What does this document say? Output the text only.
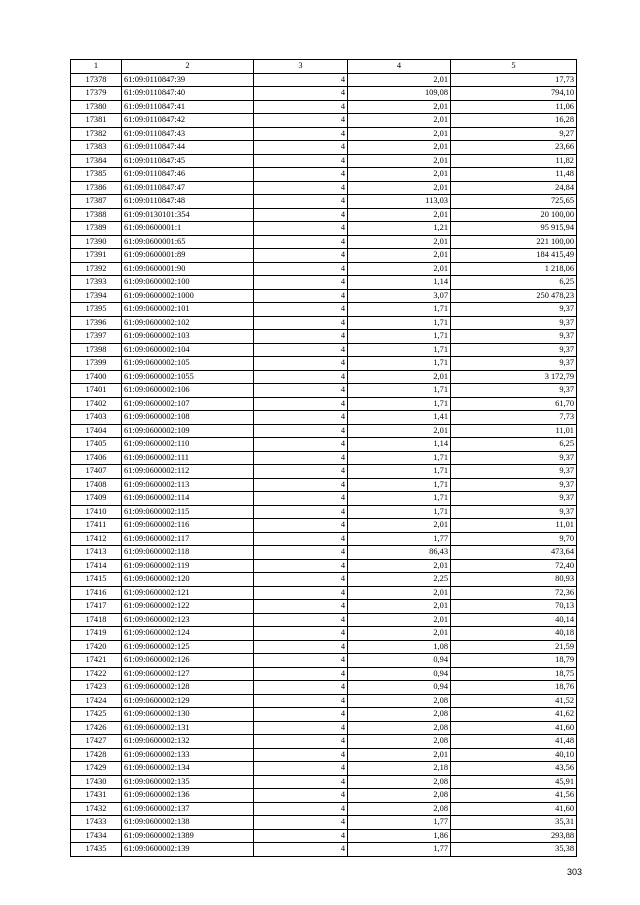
1	2	3	4	5
17378	61:09:0110847:39	4	2,01	17,73
17379	61:09:0110847:40	4	109,08	794,10
17380	61:09:0110847:41	4	2,01	11,06
17381	61:09:0110847:42	4	2,01	16,28
17382	61:09:0110847:43	4	2,01	9,27
17383	61:09:0110847:44	4	2,01	23,66
17384	61:09:0110847:45	4	2,01	11,82
17385	61:09:0110847:46	4	2,01	11,48
17386	61:09:0110847:47	4	2,01	24,84
17387	61:09:0110847:48	4	113,03	725,65
17388	61:09:0130101:354	4	2,01	20 100,00
17389	61:09:0600001:1	4	1,21	95 915,94
17390	61:09:0600001:65	4	2,01	221 100,00
17391	61:09:0600001:89	4	2,01	184 415,49
17392	61:09:0600001:90	4	2,01	1 218,06
17393	61:09:0600002:100	4	1,14	6,25
17394	61:09:0600002:1000	4	3,07	250 478,23
17395	61:09:0600002:101	4	1,71	9,37
17396	61:09:0600002:102	4	1,71	9,37
17397	61:09:0600002:103	4	1,71	9,37
17398	61:09:0600002:104	4	1,71	9,37
17399	61:09:0600002:105	4	1,71	9,37
17400	61:09:0600002:1055	4	2,01	3 172,79
17401	61:09:0600002:106	4	1,71	9,37
17402	61:09:0600002:107	4	1,71	61,70
17403	61:09:0600002:108	4	1,41	7,73
17404	61:09:0600002:109	4	2,01	11,01
17405	61:09:0600002:110	4	1,14	6,25
17406	61:09:0600002:111	4	1,71	9,37
17407	61:09:0600002:112	4	1,71	9,37
17408	61:09:0600002:113	4	1,71	9,37
17409	61:09:0600002:114	4	1,71	9,37
17410	61:09:0600002:115	4	1,71	9,37
17411	61:09:0600002:116	4	2,01	11,01
17412	61:09:0600002:117	4	1,77	9,70
17413	61:09:0600002:118	4	86,43	473,64
17414	61:09:0600002:119	4	2,01	72,40
17415	61:09:0600002:120	4	2,25	80,93
17416	61:09:0600002:121	4	2,01	72,36
17417	61:09:0600002:122	4	2,01	70,13
17418	61:09:0600002:123	4	2,01	40,14
17419	61:09:0600002:124	4	2,01	40,18
17420	61:09:0600002:125	4	1,08	21,59
17421	61:09:0600002:126	4	0,94	18,79
17422	61:09:0600002:127	4	0,94	18,75
17423	61:09:0600002:128	4	0,94	18,76
17424	61:09:0600002:129	4	2,08	41,52
17425	61:09:0600002:130	4	2,08	41,62
17426	61:09:0600002:131	4	2,08	41,60
17427	61:09:0600002:132	4	2,08	41,48
17428	61:09:0600002:133	4	2,01	40,10
17429	61:09:0600002:134	4	2,18	43,56
17430	61:09:0600002:135	4	2,08	45,91
17431	61:09:0600002:136	4	2,08	41,56
17432	61:09:0600002:137	4	2,08	41,60
17433	61:09:0600002:138	4	1,77	35,31
17434	61:09:0600002:1389	4	1,86	293,88
17435	61:09:0600002:139	4	1,77	35,38
303
